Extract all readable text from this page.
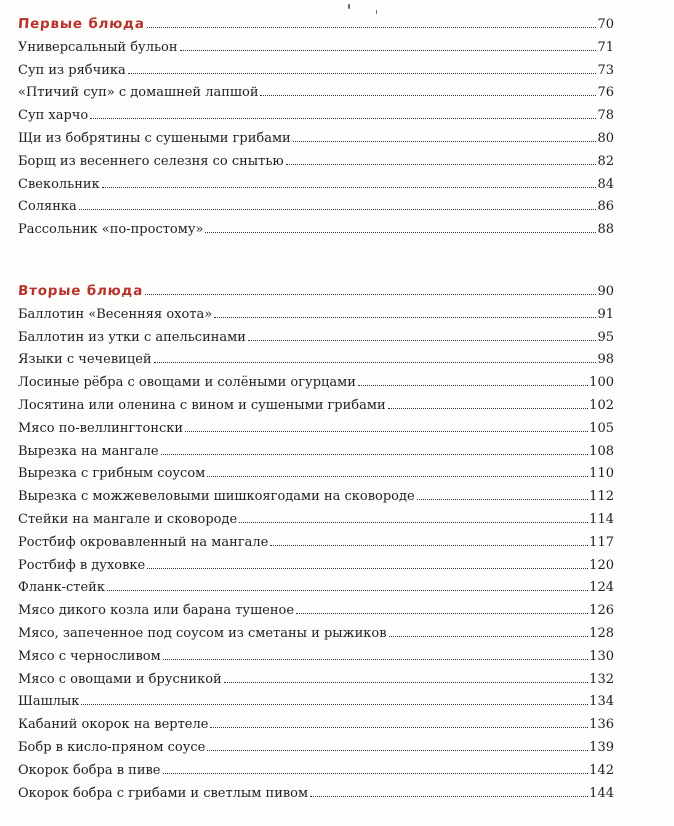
Первые блюда	70
Универсальный бульон	71
Суп из рябчика	73
«Птичий суп» с домашней лапшой	76
Суп харчо	78
Щи из бобрятины с сушеными грибами	80
Борщ из весеннего селезня со снытью	82
Свекольник	84
Солянка	86
Рассольник «по-простому»	88
Вторые блюда	90
Баллотин «Весенняя охота»	91
Баллотин из утки с апельсинами	95
Языки с чечевицей	98
Лосиные рёбра с овощами и солёными огурцами	100
Лосятина или оленина с вином и сушеными грибами	102
Мясо по-веллингтонски	105
Вырезка на мангале	108
Вырезка с грибным соусом	110
Вырезка с можжевеловыми шишкоягодами на сковороде	112
Стейки на мангале и сковороде	114
Ростбиф окровавленный на мангале	117
Ростбиф в духовке	120
Фланк-стейк	124
Мясо дикого козла или барана тушеное	126
Мясо, запеченное под соусом из сметаны и рыжиков	128
Мясо с черносливом	130
Мясо с овощами и брусникой	132
Шашлык	134
Кабаний окорок на вертеле	136
Бобр в кисло-пряном соусе	139
Окорок бобра в пиве	142
Окорок бобра с грибами и светлым пивом	144
